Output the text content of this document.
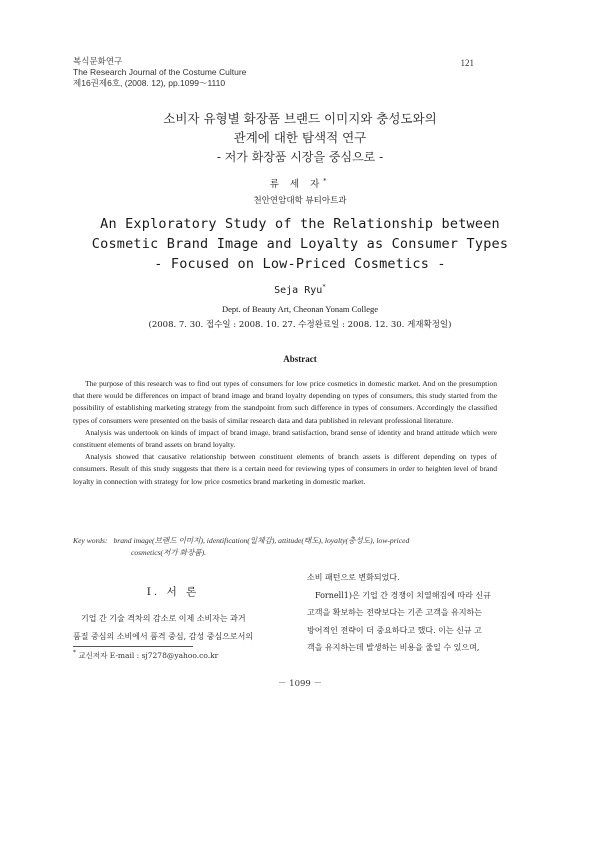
복식문화연구
The Research Journal of the Costume Culture
제16권제6호, (2008. 12), pp.1099～1110
121
소비자 유형별 화장품 브랜드 이미지와 충성도와의
관계에 대한 탐색적 연구
- 저가 화장품 시장을 중심으로 -
류 세 자*
천안연암대학 뷰티아트과
An Exploratory Study of the Relationship between
Cosmetic Brand Image and Loyalty as Consumer Types
- Focused on Low-Priced Cosmetics -
Seja Ryu*
Dept. of Beauty Art, Cheonan Yonam College
(2008. 7. 30. 접수일 : 2008. 10. 27. 수정완료일 : 2008. 12. 30. 게재확정일)
Abstract

The purpose of this research was to find out types of consumers for low price cosmetics in domestic market. And on the presumption that there would be differences on impact of brand image and brand loyalty depending on types of consumers, this study started from the possibility of establishing marketing strategy from the standpoint from such difference in types of consumers. Accordingly the classified types of consumers were presented on the basis of similar research data and data published in relevant professional literature.

Analysis was undertook on kinds of impact of brand image, brand satisfaction, brand sense of identity and brand attitude which were constituent elements of brand assets on brand loyalty.

Analysis showed that causative relationship between constituent elements of branch assets is different depending on types of consumers. Result of this study suggests that there is a certain need for reviewing types of consumers in order to heighten level of brand loyalty in connection with strategy for low price cosmetics brand marketing in domestic market.

Key words: brand image(브랜드 이미지), identification(일체감), attitude(태도), loyalty(충성도), low-priced
cosmetics(저가 화장품).
Ⅰ. 서 론
기업 간 기술 격차의 감소로 이제 소비자는 과거
품질 중심의 소비에서 품격 중심, 감성 중심으로서의
소비 패턴으로 변화되었다.
Fornell1)은 기업 간 경쟁이 치열해짐에 따라 신규
고객을 확보하는 전략보다는 기존 고객을 유지하는
방어적인 전략이 더 중요하다고 했다. 이는 신규 고
객을 유지하는데 발생하는 비용을 줄일 수 있으며,
* 교신저자 E-mail : sj7278@yahoo.co.kr
－ 1099 －
